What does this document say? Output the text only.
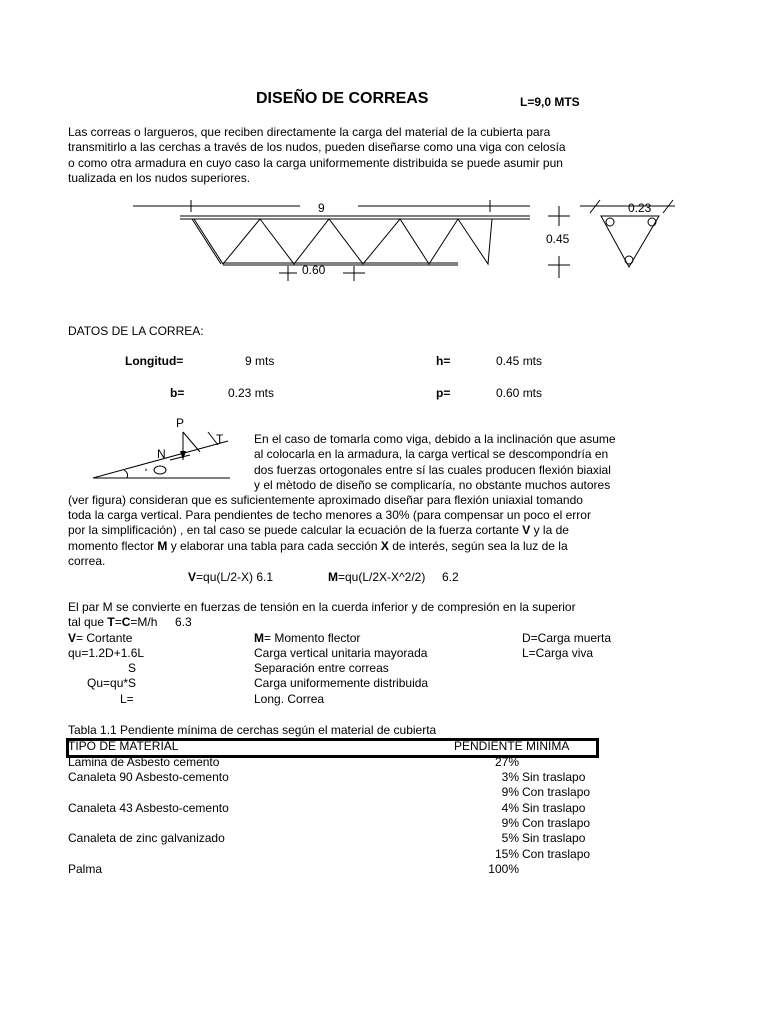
DISEÑO DE CORREAS	L=9,0 MTS
Las correas o largueros, que reciben directamente la carga del material de la cubierta para
transmitirlo a las cerchas a través de los nudos, pueden diseñarse como una viga con celosía
o como otra armadura en cuyo caso la carga uniformemente distribuida se puede asumir pun
tualizada en los nudos superiores.
9
0.60
0.45
0.23
DATOS DE LA CORREA:
Longitud=	9 mts	h=	0.45 mts
b=	0.23 mts	p=	0.60 mts
P
T
N
En el caso de tomarla como viga, debido a la inclinación que asume
al colocarla en la armadura, la carga vertical se descompondría en
dos fuerzas ortogonales entre sí las cuales producen flexión biaxial
y el mètodo de diseño se complicaría, no obstante muchos autores
(ver figura) consideran que es suficientemente aproximado diseñar para flexión uniaxial tomando
toda la carga vertical. Para pendientes de techo menores a 30% (para compensar un poco el error
por la simplificación) , en tal caso se puede calcular la ecuación de la fuerza cortante V y la de
momento flector M y elaborar una tabla para cada sección X de interés, según sea la luz de la
correa.
V=qu(L/2-X) 6.1	M=qu(L/2X-X^2/2) 6.2
El par M se convierte en fuerzas de tensión en la cuerda inferior y de compresión en la superior
tal que T=C=M/h 6.3
V= Cortante	M= Momento flector	D=Carga muerta
qu=1.2D+1.6L	Carga vertical unitaria mayorada	L=Carga viva
S	Separación entre correas
Qu=qu*S	Carga uniformemente distribuida
L=	Long. Correa
Tabla 1.1 Pendiente mínima de cerchas según el material de cubierta
TIPO DE MATERIAL	PENDIENTE MINIMA
Lamina de Asbesto cemento	27%
Canaleta 90 Asbesto-cemento	3% Sin traslapo
9% Con traslapo
Canaleta 43 Asbesto-cemento	4% Sin traslapo
9% Con traslapo
Canaleta de zinc galvanizado	5% Sin traslapo
15% Con traslapo
Palma	100%
